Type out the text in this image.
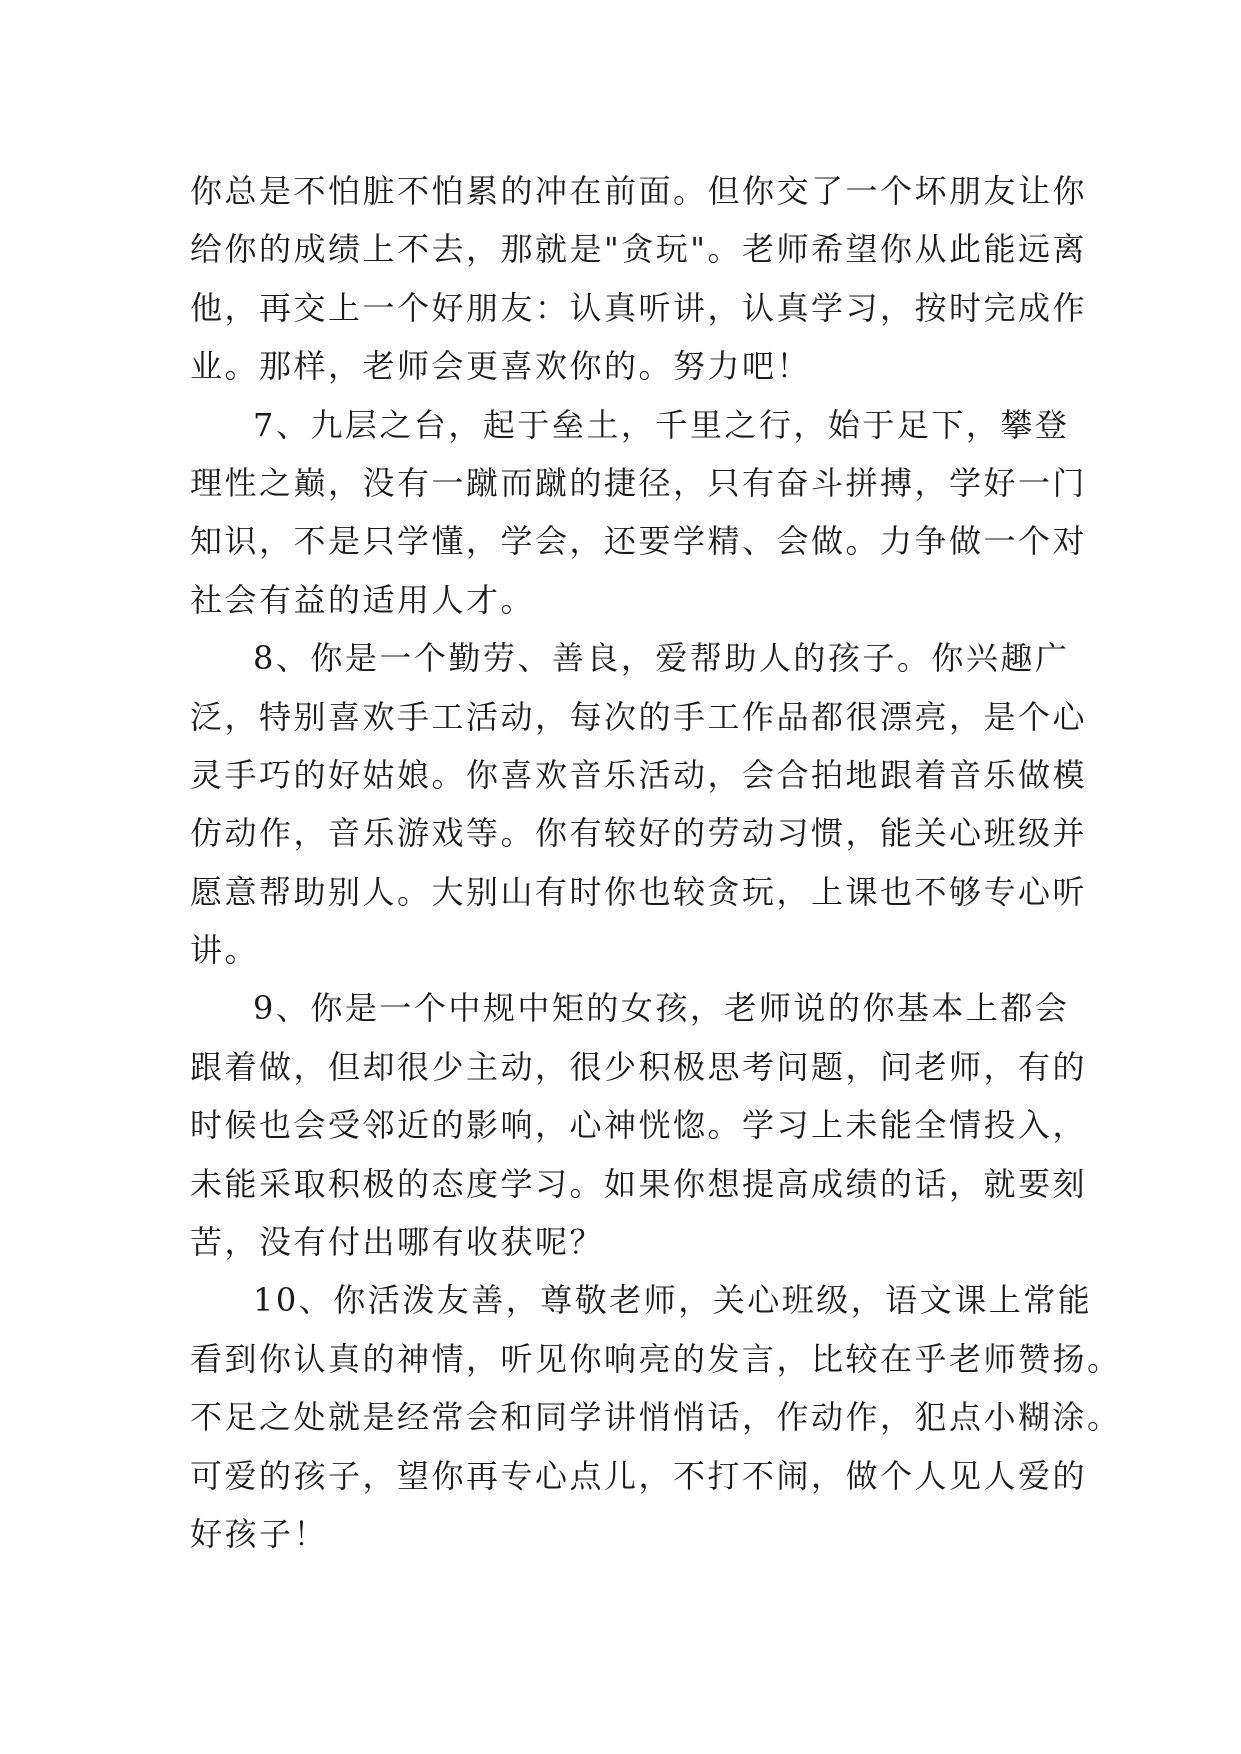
你总是不怕脏不怕累的冲在前面。但你交了一个坏朋友让你
给你的成绩上不去，那就是"贪玩"。老师希望你从此能远离
他，再交上一个好朋友：认真听讲，认真学习，按时完成作
业。那样，老师会更喜欢你的。努力吧！
7、九层之台，起于垒土，千里之行，始于足下，攀登
理性之巅，没有一蹴而蹴的捷径，只有奋斗拼搏，学好一门
知识，不是只学懂，学会，还要学精、会做。力争做一个对
社会有益的适用人才。
8、你是一个勤劳、善良，爱帮助人的孩子。你兴趣广
泛，特别喜欢手工活动，每次的手工作品都很漂亮，是个心
灵手巧的好姑娘。你喜欢音乐活动，会合拍地跟着音乐做模
仿动作，音乐游戏等。你有较好的劳动习惯，能关心班级并
愿意帮助别人。大别山有时你也较贪玩，上课也不够专心听
讲。
9、你是一个中规中矩的女孩，老师说的你基本上都会
跟着做，但却很少主动，很少积极思考问题，问老师，有的
时候也会受邻近的影响，心神恍惚。学习上未能全情投入，
未能采取积极的态度学习。如果你想提高成绩的话，就要刻
苦，没有付出哪有收获呢？
10、你活泼友善，尊敬老师，关心班级，语文课上常能
看到你认真的神情，听见你响亮的发言，比较在乎老师赞扬。
不足之处就是经常会和同学讲悄悄话，作动作，犯点小糊涂。
可爱的孩子，望你再专心点儿，不打不闹，做个人见人爱的
好孩子！
